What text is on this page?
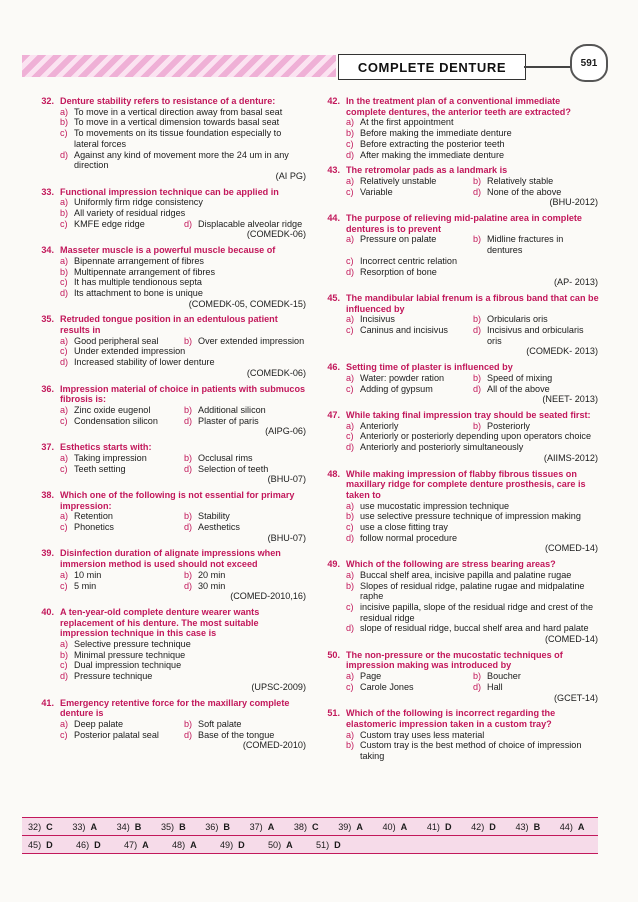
COMPLETE DENTURE	591
32. Denture stability refers to resistance of a denture:
a) To move in a vertical direction away from basal seat
b) To move in a vertical dimension towards basal seat
c) To movements on its tissue foundation especially to lateral forces
d) Against any kind of movement more the 24 um in any direction
(AI PG)
33. Functional impression technique can be applied in
a) Uniformly firm ridge consistency
b) All variety of residual ridges
c) KMFE edge ridge	d) Displacable alveolar ridge
(COMEDK-06)
34. Masseter muscle is a powerful muscle because of
a) Bipennate arrangement of fibres
b) Multipennate arrangement of fibres
c) It has multiple tendionous septa
d) Its attachment to bone is unique
(COMEDK-05, COMEDK-15)
35. Retruded tongue position in an edentulous patient results in
a) Good peripheral seal	b) Over extended impression
c) Under extended impression
d) Increased stability of lower denture
(COMEDK-06)
36. Impression material of choice in patients with submucos fibrosis is:
a) Zinc oxide eugenol	b) Additional silicon
c) Condensation silicon	d) Plaster of paris
(AIPG-06)
37. Esthetics starts with:
a) Taking impression	b) Occlusal rims
c) Teeth setting	d) Selection of teeth
(BHU-07)
38. Which one of the following is not essential for primary impression:
a) Retention	b) Stability
c) Phonetics	d) Aesthetics
(BHU-07)
39. Disinfection duration of alignate impressions when immersion method is used should not exceed
a) 10 min	b) 20 min
c) 5 min	d) 30 min
(COMED-2010,16)
40. A ten-year-old complete denture wearer wants replacement of his denture. The most suitable impression technique in this case is
a) Selective pressure technique
b) Minimal pressure technique
c) Dual impression technique
d) Pressure technique
(UPSC-2009)
41. Emergency retentive force for the maxillary complete denture is
a) Deep palate	b) Soft palate
c) Posterior palatal seal	d) Base of the tongue
(COMED-2010)
42. In the treatment plan of a conventional immediate complete dentures, the anterior teeth are extracted?
a) At the first appointment
b) Before making the immediate denture
c) Before extracting the posterior teeth
d) After making the immediate denture
43. The retromolar pads as a landmark is
a) Relatively unstable	b) Relatively stable
c) Variable	d) None of the above
(BHU-2012)
44. The purpose of relieving mid-palatine area in complete dentures is to prevent
a) Pressure on palate	b) Midline fractures in dentures
c) Incorrect centric relation
d) Resorption of bone
(AP- 2013)
45. The mandibular labial frenum is a fibrous band that can be influenced by
a) Incisivus	b) Orbicularis oris
c) Caninus and incisivus	d) Incisivus and orbicularis oris
(COMEDK- 2013)
46. Setting time of plaster is influenced by
a) Water: powder ration	b) Speed of mixing
c) Adding of gypsum	d) All of the above
(NEET- 2013)
47. While taking final impression tray should be seated first:
a) Anteriorly	b) Posteriorly
c) Anteriorly or posteriorly depending upon operators choice
d) Anteriorly and posteriorly simultaneously
(AIIMS-2012)
48. While making impression of flabby fibrous tissues on maxillary ridge for complete denture prosthesis, care is taken to
a) use mucostatic impression technique
b) use selective pressure technique of impression making
c) use a close fitting tray
d) follow normal procedure
(COMED-14)
49. Which of the following are stress bearing areas?
a) Buccal shelf area, incisive papilla and palatine rugae
b) Slopes of residual ridge, palatine rugae and midpalatine raphe
c) incisive papilla, slope of the residual ridge and crest of the residual ridge
d) slope of residual ridge, buccal shelf area and hard palate
(COMED-14)
50. The non-pressure or the mucostatic techniques of impression making was introduced by
a) Page	b) Boucher
c) Carole Jones	d) Hall
(GCET-14)
51. Which of the following is incorrect regarding the elastomeric impression taken in a custom tray?
a) Custom tray uses less material
b) Custom tray is the best method of choice of impression taking
32) C 33) A 34) B 35) B 36) B 37) A 38) C 39) A 40) A 41) D 42) D 43) B 44) A
45) D	46) D	47) A	48) A	49) D	50) A	51) D
